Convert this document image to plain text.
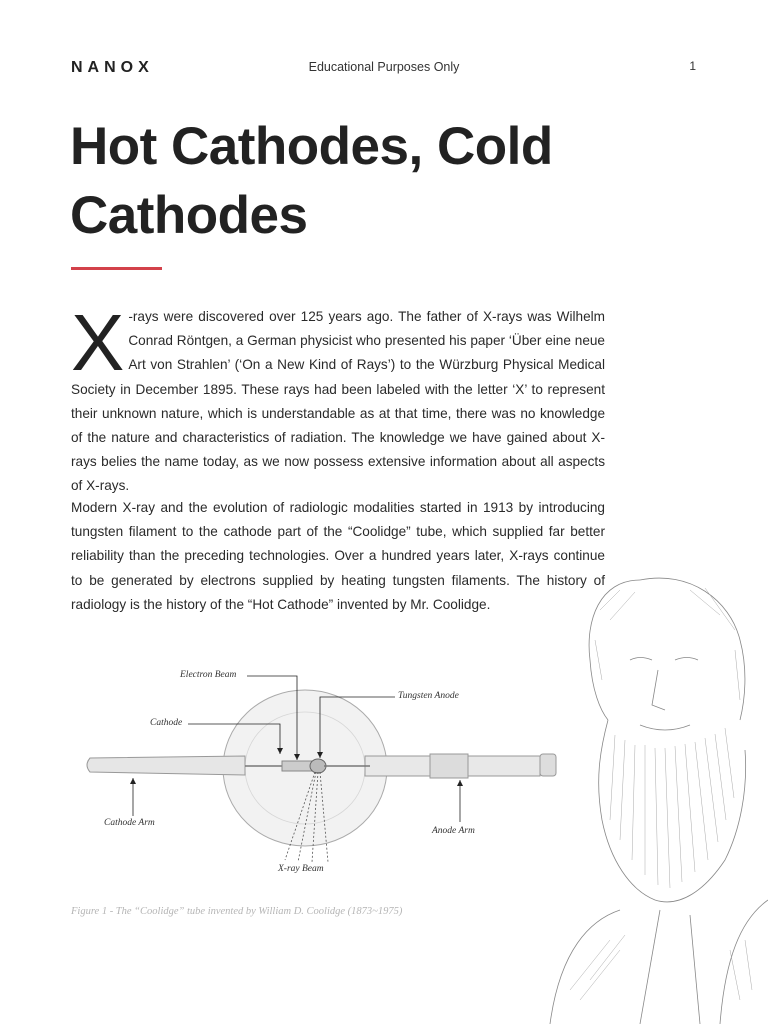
NANOX	Educational Purposes Only	1
Hot Cathodes, Cold Cathodes
X -rays were discovered over 125 years ago. The father of X-rays was Wilhelm Conrad Röntgen, a German physicist who presented his paper ‘Über eine neue Art von Strahlen’ (‘On a New Kind of Rays’) to the Würzburg Physical Medical Society in December 1895. These rays had been labeled with the letter ‘X’ to represent their unknown nature, which is understandable as at that time, there was no knowledge of the nature and characteristics of radiation. The knowledge we have gained about X-rays belies the name today, as we now possess extensive information about all aspects of X-rays.
Modern X-ray and the evolution of radiologic modalities started in 1913 by introducing tungsten filament to the cathode part of the “Coolidge” tube, which supplied far better reliability than the preceding technologies. Over a hundred years later, X-rays continue to be generated by electrons supplied by heating tungsten filaments. The history of radiology is the history of the “Hot Cathode” invented by Mr. Coolidge.
Electron Beam
Tungsten Anode
Cathode
Cathode Arm
Anode Arm
X-ray Beam
Figure 1 - The “Coolidge” tube invented by William D. Coolidge (1873~1975)
